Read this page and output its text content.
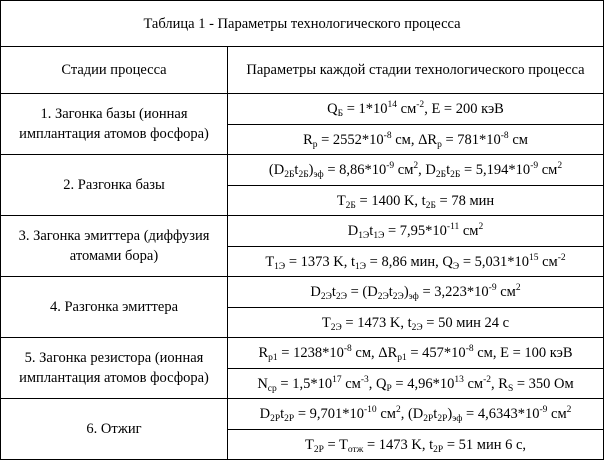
Таблица 1 - Параметры технологического процесса	
Стадии процесса	Параметры каждой стадии технологического процесса
1. Загонка базы (ионная имплантация атомов фосфора)	$Q_Б = 1*10^{14}$ $см^{-2}$, E = 200 кэВ
	$R_р = 2552*10^{-8}$ см, $\Delta R_р = 781*10^{-8}$ см
2. Разгонка базы	$(D_{2Б}t_{2Б})_{эф} = 8,86*10^{-9}$ $см^2$, $D_{2Б}t_{2Б} = 5,194*10^{-9}$ $см^2$
	$T_{2Б} = 1400$ K, $t_{2Б} = 78$ мин
3. Загонка эмиттера (диффузия атомами бора)	$D_{1Э}t_{1Э} = 7,95*10^{-11}$ $см^2$
	$T_{1Э} = 1373$ K, $t_{1Э} = 8,86$ мин, $Q_Э = 5,031*10^{15}$ $см^{-2}$
4. Разгонка эмиттера	$D_{2Э}t_{2Э} = (D_{2Э}t_{2Э})_{эф} = 3,223*10^{-9}$ $см^2$
	$T_{2Э} = 1473$ K, $t_{2Э} = 50$ мин 24 с
5. Загонка резистора (ионная имплантация атомов фосфора)	$R_{р1} = 1238*10^{-8}$ см, $\Delta R_{р1} = 457*10^{-8}$ см, E = 100 кэВ
	$N_{ср} = 1,5*10^{17}$ $см^{-3}$, $Q_Р = 4,96*10^{13}$ $см^{-2}$, $R_S = 350$ Ом
6. Отжиг	$D_{2P}t_{2P} = 9,701*10^{-10}$ $см^2$, $(D_{2P}t_{2P})_{эф} = 4,6343*10^{-9}$ $см^2$
	$T_{2P} = T_{отж} = 1473$ K, $t_{2P} = 51$ мин 6 с,
